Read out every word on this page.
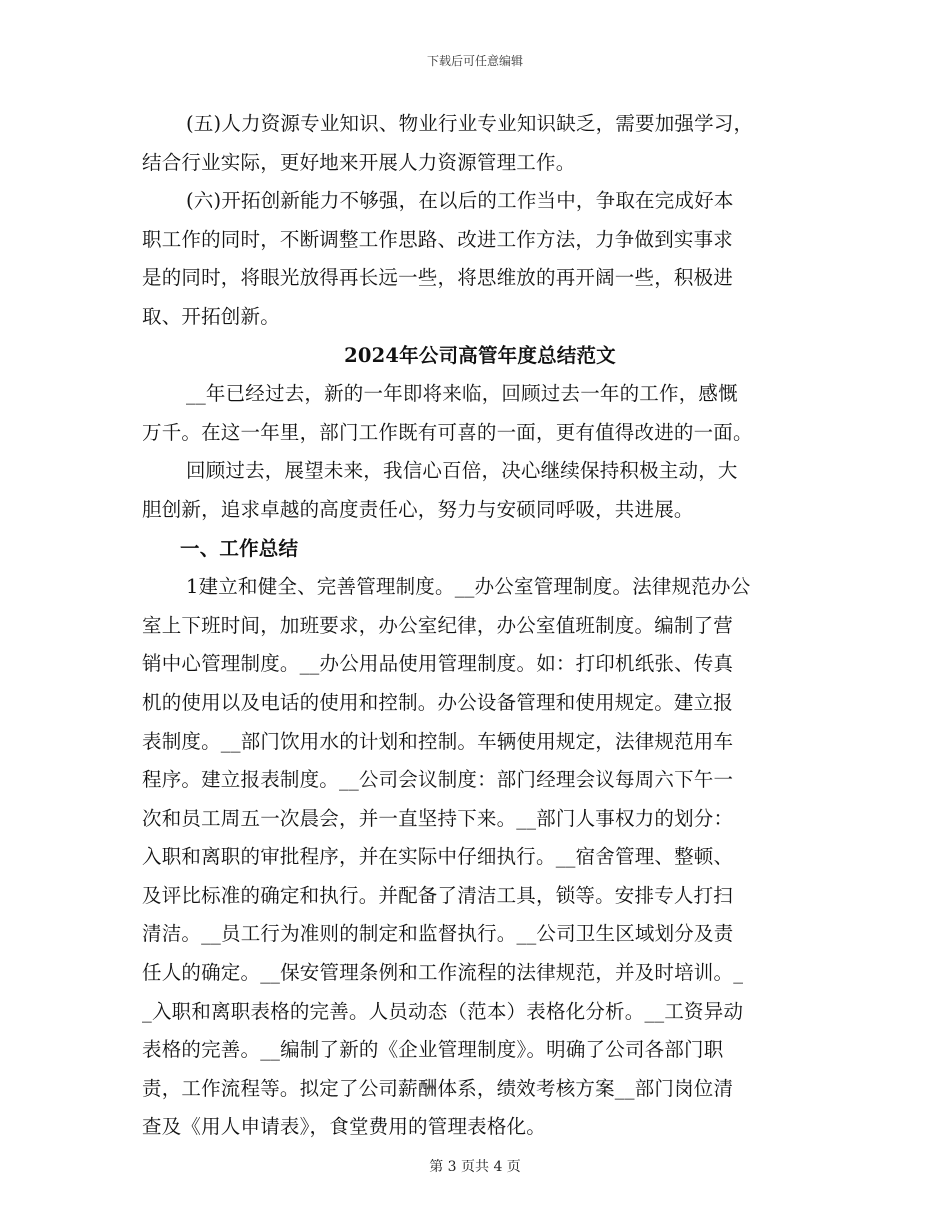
下载后可任意编辑
(五)人力资源专业知识、物业行业专业知识缺乏，需要加强学习，
结合行业实际，更好地来开展人力资源管理工作。
(六)开拓创新能力不够强，在以后的工作当中，争取在完成好本
职工作的同时，不断调整工作思路、改进工作方法，力争做到实事求
是的同时，将眼光放得再长远一些，将思维放的再开阔一些，积极进
取、开拓创新。
2024年公司高管年度总结范文
__年已经过去，新的一年即将来临，回顾过去一年的工作，感慨
万千。在这一年里，部门工作既有可喜的一面，更有值得改进的一面。
回顾过去，展望未来，我信心百倍，决心继续保持积极主动，大
胆创新，追求卓越的高度责任心，努力与安硕同呼吸，共进展。
一、工作总结
1建立和健全、完善管理制度。__办公室管理制度。法律规范办公
室上下班时间，加班要求，办公室纪律，办公室值班制度。编制了营
销中心管理制度。__办公用品使用管理制度。如：打印机纸张、传真
机的使用以及电话的使用和控制。办公设备管理和使用规定。建立报
表制度。__部门饮用水的计划和控制。车辆使用规定，法律规范用车
程序。建立报表制度。__公司会议制度：部门经理会议每周六下午一
次和员工周五一次晨会，并一直坚持下来。__部门人事权力的划分：
入职和离职的审批程序，并在实际中仔细执行。__宿舍管理、整顿、
及评比标准的确定和执行。并配备了清洁工具，锁等。安排专人打扫
清洁。__员工行为准则的制定和监督执行。__公司卫生区域划分及责
任人的确定。__保安管理条例和工作流程的法律规范，并及时培训。_
_入职和离职表格的完善。人员动态（范本）表格化分析。__工资异动
表格的完善。__编制了新的《企业管理制度》。明确了公司各部门职
责，工作流程等。拟定了公司薪酬体系，绩效考核方案__部门岗位清
查及《用人申请表》，食堂费用的管理表格化。
第 3 页共 4 页
